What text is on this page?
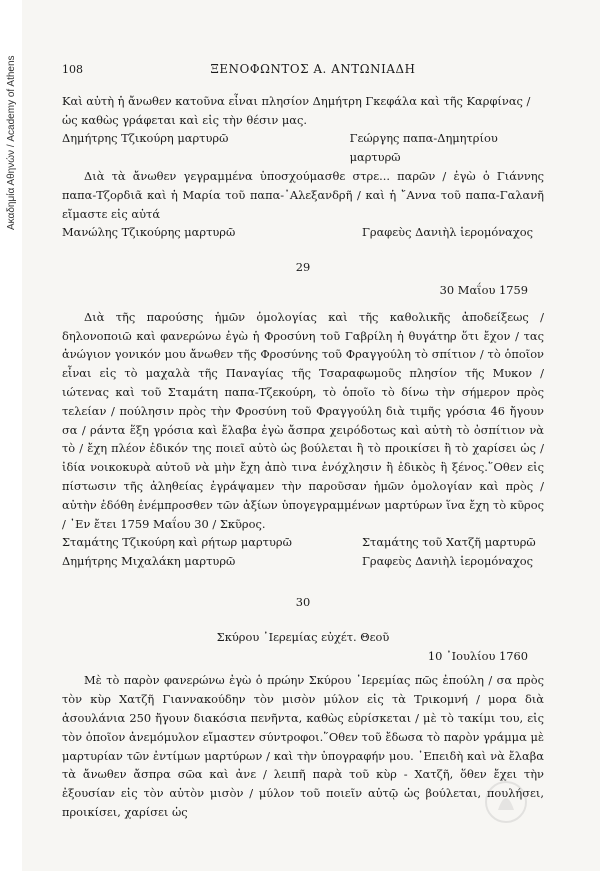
Ακαδημία Αθηνών / Academy of Athens	108	ΞΕΝΟΦΩΝΤΟΣ Α. ΑΝΤΩΝΙΑΔΗ

Καὶ αὐτὴ ἡ ἄνωθεν κατοῦνα εἶναι πλησίον Δημήτρη Γκεφάλα καὶ τῆς Καρφίνας /

ὡς καθὼς γράφεται καὶ εἰς τὴν θέσιν μας.

Δημήτρης Τζικούρη μαρτυρῶ	Γεώργης παπα-Δημητρίου μαρτυρῶ

Διὰ τὰ ἄνωθεν γεγραμμένα ὑποσχούμασθε στρε... παρῶν / ἐγὼ ὁ Γιάννης παπα-Τζορδιᾶ καὶ ἡ Μαρία τοῦ παπα-᾿Αλεξανδρῆ / καὶ ἡ ῎Αννα τοῦ παπα-Γαλανῆ εἴμαστε εἰς αὐτά

Μανώλης Τζικούρης μαρτυρῶ	Γραφεὺς Δανιὴλ ἱερομόναχος
29
30 Μαΐου 1759

Διὰ τῆς παρούσης ἡμῶν ὁμολογίας καὶ τῆς καθολικῆς ἀποδείξεως / δηλονοποιῶ καὶ φανερώνω ἐγὼ ἡ Φροσύνη τοῦ Γαβρίλη ἡ θυγάτηρ ὅτι ἔχον / τας ἀνώγιον γονικόν μου ἄνωθεν τῆς Φροσύνης τοῦ Φραγγούλη τὸ σπίτιον / τὸ ὁποῖον εἶναι εἰς τὸ μαχαλὰ τῆς Παναγίας τῆς Τσαραφωμοῦς πλησίον τῆς Μυκον / ιώτενας καὶ τοῦ Σταμάτη παπα-Τζεκούρη, τὸ ὁποῖο τὸ δίνω τὴν σήμερον πρὸς τελείαν / πούλησιν πρὸς τὴν Φροσύνη τοῦ Φραγγούλη διὰ τιμῆς γρόσια 46 ἤγουν σα / ράντα ἕξη γρόσια καὶ ἔλαβα ἐγὼ ἄσπρα χειρόδοτως καὶ αὐτὴ τὸ ὀσπίτιον νὰ τὸ / ἔχη πλέον ἐδικόν της ποιεῖ αὐτὸ ὡς βούλεται ἢ τὸ προικίσει ἢ τὸ χαρίσει ὡς / ἰδία νοικοκυρὰ αὐτοῦ νὰ μὴν ἔχη ἀπὸ τινα ἐνόχλησιν ἢ ἐδικὸς ἢ ξένος.῞Οθεν εἰς πίστωσιν τῆς ἀληθείας ἐγράψαμεν τὴν παροῦσαν ἡμῶν ὁμολογίαν καὶ πρὸς / αὐτὴν ἐδόθη ἐνέμπροσθεν τῶν ἀξίων ὑπογεγραμμένων μαρτύρων ἵνα ἔχη τὸ κῦρος / ᾿Εν ἔτει 1759 Μαΐου 30 / Σκῦρος.

Σταμάτης Τζικούρη καὶ ρήτωρ μαρτυρῶ	Σταμάτης τοῦ Χατζῆ μαρτυρῶ
Δημήτρης Μιχαλάκη μαρτυρῶ	Γραφεὺς Δανιὴλ ἱερομόναχος
30
Σκύρου ᾿Ιερεμίας εὐχέτ. Θεοῦ
10 ᾿Ιουλίου 1760

Μὲ τὸ παρὸν φανερώνω ἐγὼ ὁ πρώην Σκύρου ᾿Ιερεμίας πῶς ἐπούλη / σα πρὸς τὸν κὺρ Χατζῆ Γιαννακούδην τὸν μισὸν μύλον εἰς τὰ Τρικομνή / μορα διὰ ἀσουλάνια 250 ἤγουν διακόσια πενῆντα, καθὼς εὑρίσκεται / μὲ τὸ τακίμι του, εἰς τὸν ὁποῖον ἀνεμόμυλον εἴμαστεν σύντροφοι.῞Οθεν τοῦ ἔδωσα τὸ παρὸν γράμμα μὲ μαρτυρίαν τῶν ἐντίμων μαρτύρων / καὶ τὴν ὑπογραφήν μου. ᾿Επειδὴ καὶ νὰ ἔλαβα τὰ ἄνωθεν ἄσπρα σῶα καὶ ἀνε / λειπῆ παρὰ τοῦ κὺρ - Χατζῆ, ὅθεν ἔχει τὴν ἐξουσίαν εἰς τὸν αὐτὸν μισὸν / μύλον τοῦ ποιεῖν αὐτῷ ὡς βούλεται, πουλήσει, προικίσει, χαρίσει ὡς
